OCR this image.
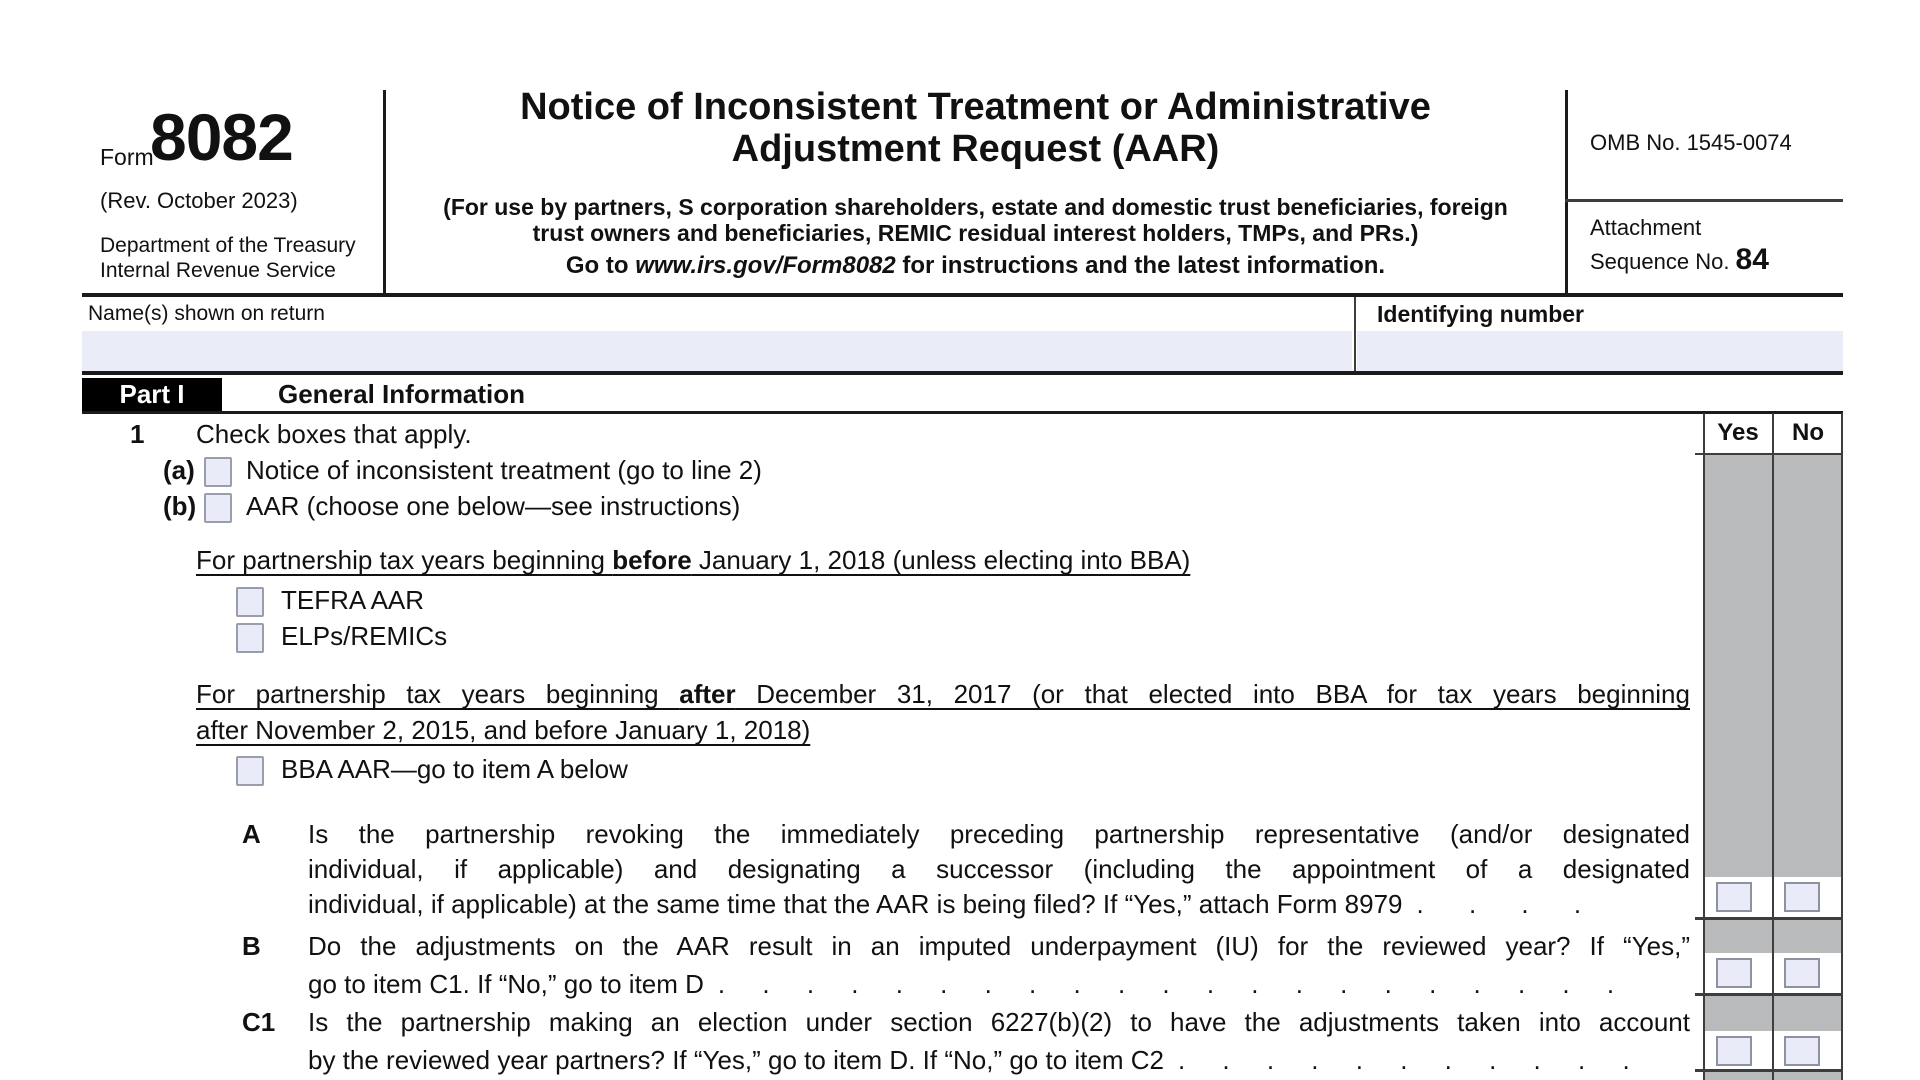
Form
8082
(Rev. October 2023)
Department of the Treasury
Internal Revenue Service
Notice of Inconsistent Treatment or Administrative
Adjustment Request (AAR)
(For use by partners, S corporation shareholders, estate and domestic trust beneficiaries, foreign
trust owners and beneficiaries, REMIC residual interest holders, TMPs, and PRs.)
Go to www.irs.gov/Form8082 for instructions and the latest information.
OMB No. 1545-0074
Attachment
Sequence No. 84
Name(s) shown on return	Identifying number
Part I	General Information
Yes	No
1 Check boxes that apply.
(a) Notice of inconsistent treatment (go to line 2)
(b) AAR (choose one below—see instructions)
For partnership tax years beginning before January 1, 2018 (unless electing into BBA)
TEFRA AAR
ELPs/REMICs
For partnership tax years beginning after December 31, 2017 (or that elected into BBA for tax years beginning
after November 2, 2015, and before January 1, 2018)
BBA AAR—go to item A below
A Is the partnership revoking the immediately preceding partnership representative (and/or designated
individual, if applicable) and designating a successor (including the appointment of a designated
individual, if applicable) at the same time that the AAR is being filed? If “Yes,” attach Form 8979 . . . .
B Do the adjustments on the AAR result in an imputed underpayment (IU) for the reviewed year? If “Yes,”
go to item C1. If “No,” go to item D . . . . . . . . . . . . . . . . . . . . .
C1 Is the partnership making an election under section 6227(b)(2) to have the adjustments taken into account
by the reviewed year partners? If “Yes,” go to item D. If “No,” go to item C2 . . . . . . . . . . .
